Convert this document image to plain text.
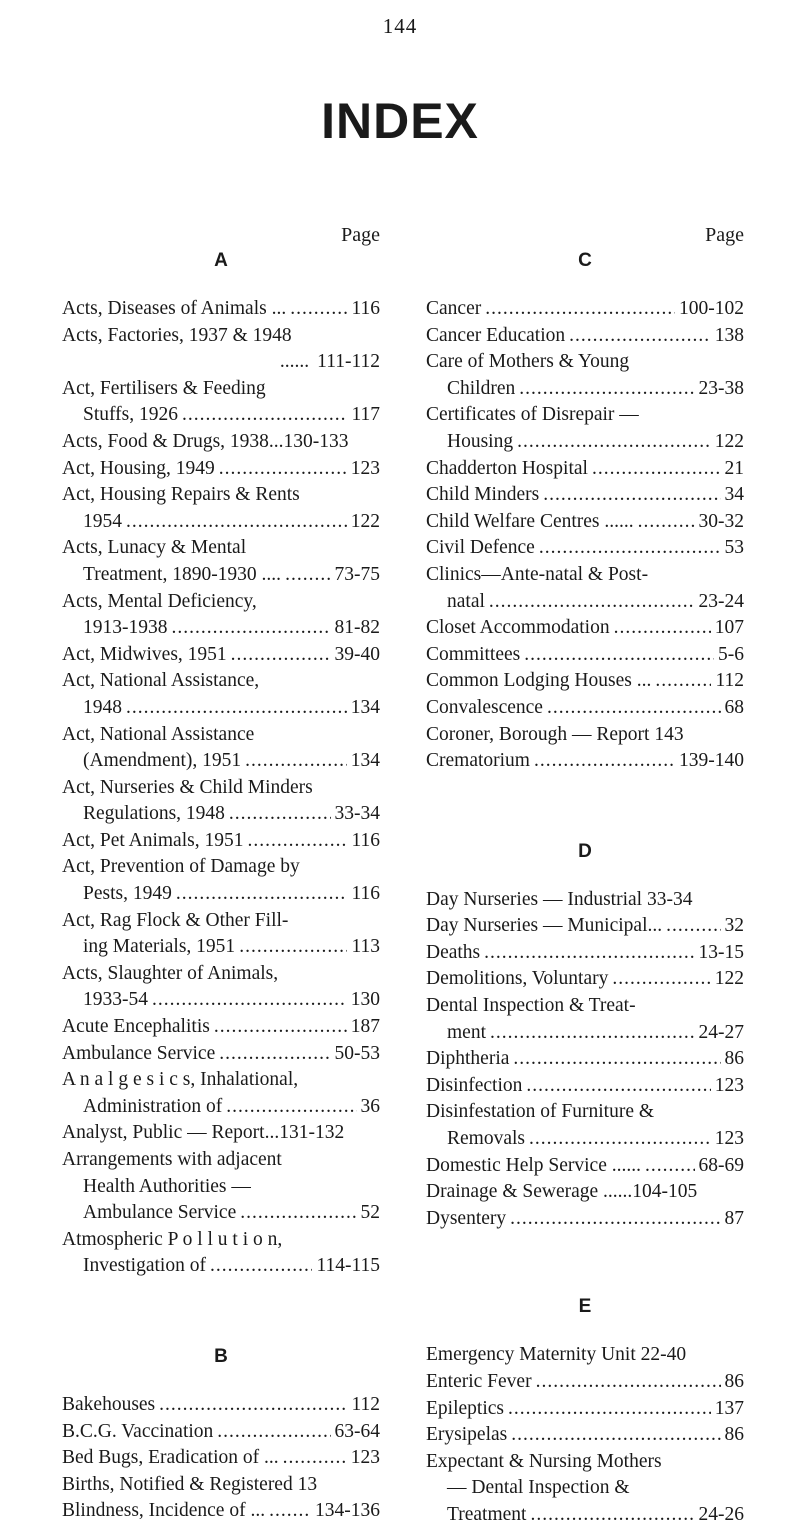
144
INDEX
Page
A
Acts, Diseases of Animals ... .....	116
Acts, Factories, 1937 & 1948
...... 111-112
Act, Fertilisers & Feeding
Stuffs, 1926 .....	117
Acts, Food & Drugs, 1938...130-133
Act, Housing, 1949 .....	123
Act, Housing Repairs & Rents
1954 .....	122
Acts, Lunacy & Mental
Treatment, 1890-1930 .... .....	73-75
Acts, Mental Deficiency,
1913-1938 .....	81-82
Act, Midwives, 1951 .....	39-40
Act, National Assistance,
1948 .....	134
Act, National Assistance
(Amendment), 1951 .....	134
Act, Nurseries & Child Minders
Regulations, 1948 .....	33-34
Act, Pet Animals, 1951 .....	116
Act, Prevention of Damage by
Pests, 1949 .....	116
Act, Rag Flock & Other Fill-
ing Materials, 1951 .....	113
Acts, Slaughter of Animals,
1933-54 .....	130
Acute Encephalitis .....	187
Ambulance Service .....	50-53
A n a l g e s i c s, Inhalational,
Administration of .....	36
Analyst, Public — Report...131-132
Arrangements with adjacent
Health Authorities —
Ambulance Service .....	52
Atmospheric P o l l u t i o n,
Investigation of .....	114-115
B
Bakehouses .....	112
B.C.G. Vaccination .....	63-64
Bed Bugs, Eradication of ... .....	123
Births, Notified & Registered 13
Blindness, Incidence of ... .....	134-136
Page
C
Cancer .....	100-102
Cancer Education .....	138
Care of Mothers & Young
Children .....	23-38
Certificates of Disrepair —
Housing .....	122
Chadderton Hospital .....	21
Child Minders .....	34
Child Welfare Centres ...... .....	30-32
Civil Defence .....	53
Clinics—Ante-natal & Post-
natal .....	23-24
Closet Accommodation .....	107
Committees .....	5-6
Common Lodging Houses ... .....	112
Convalescence .....	68
Coroner, Borough — Report 143
Crematorium .....	139-140
D
Day Nurseries — Industrial 33-34
Day Nurseries — Municipal... .....	32
Deaths .....	13-15
Demolitions, Voluntary .....	122
Dental Inspection & Treat-
ment .....	24-27
Diphtheria .....	86
Disinfection .....	123
Disinfestation of Furniture &
Removals .....	123
Domestic Help Service ...... .....	68-69
Drainage & Sewerage ......104-105
Dysentery .....	87
E
Emergency Maternity Unit 22-40
Enteric Fever .....	86
Epileptics .....	137
Erysipelas .....	86
Expectant & Nursing Mothers
— Dental Inspection &
Treatment .....	24-26
